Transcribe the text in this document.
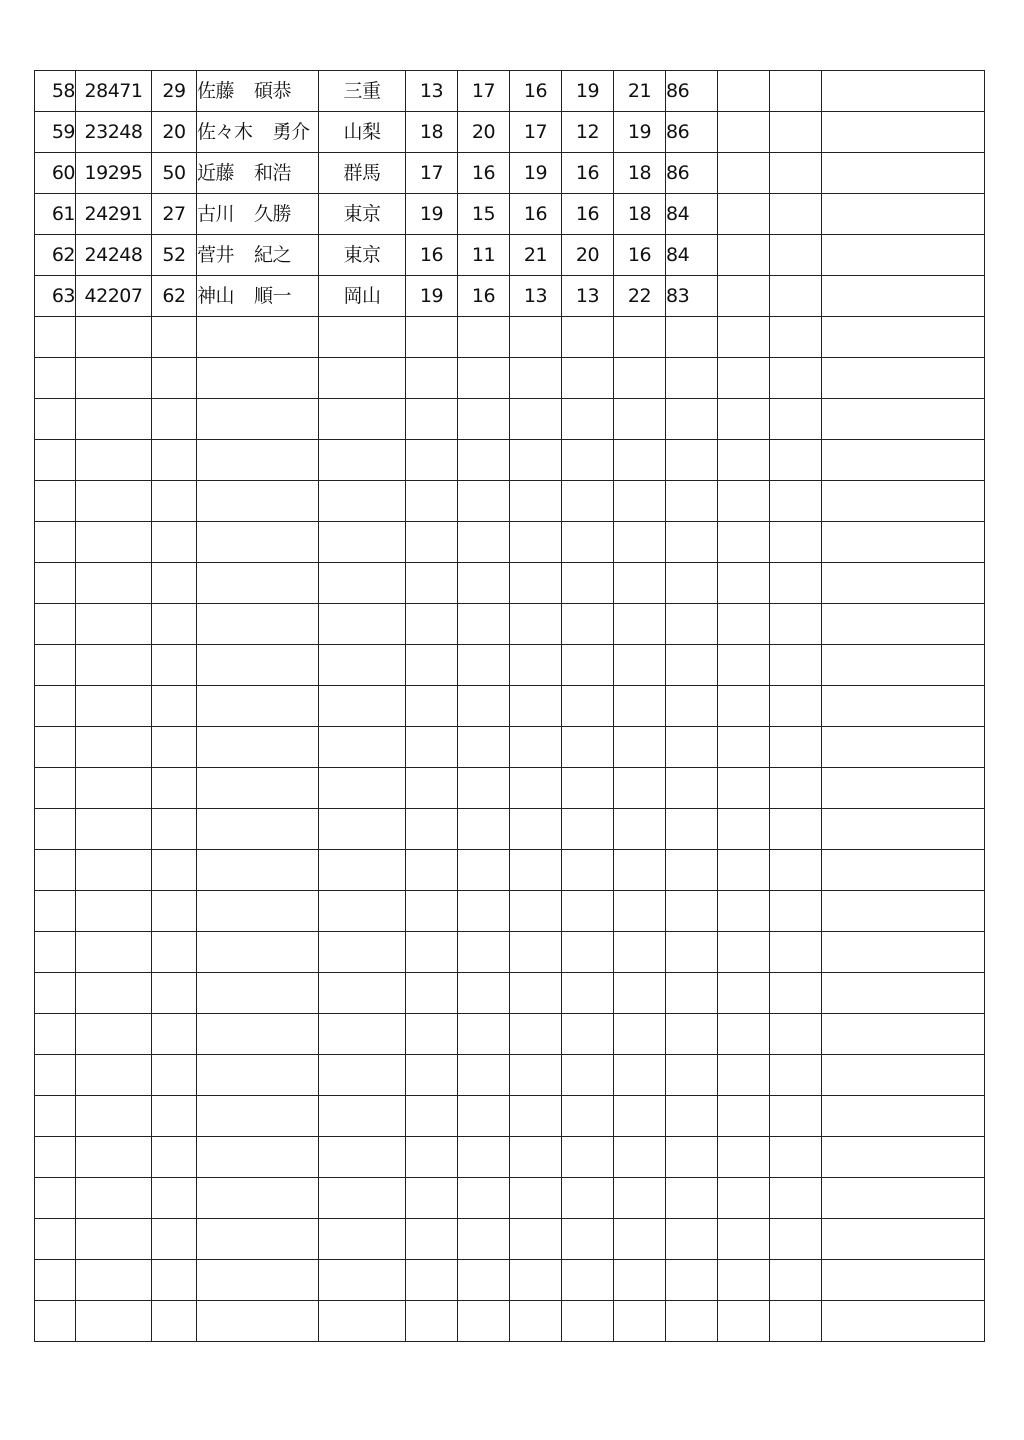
58	28471	29	佐藤 碩恭	三重	13	17	16	19	21	86			
59	23248	20	佐々木 勇介	山梨	18	20	17	12	19	86			
60	19295	50	近藤 和浩	群馬	17	16	19	16	18	86			
61	24291	27	古川 久勝	東京	19	15	16	16	18	84			
62	24248	52	菅井 紀之	東京	16	11	21	20	16	84			
63	42207	62	神山 順一	岡山	19	16	13	13	22	83			
